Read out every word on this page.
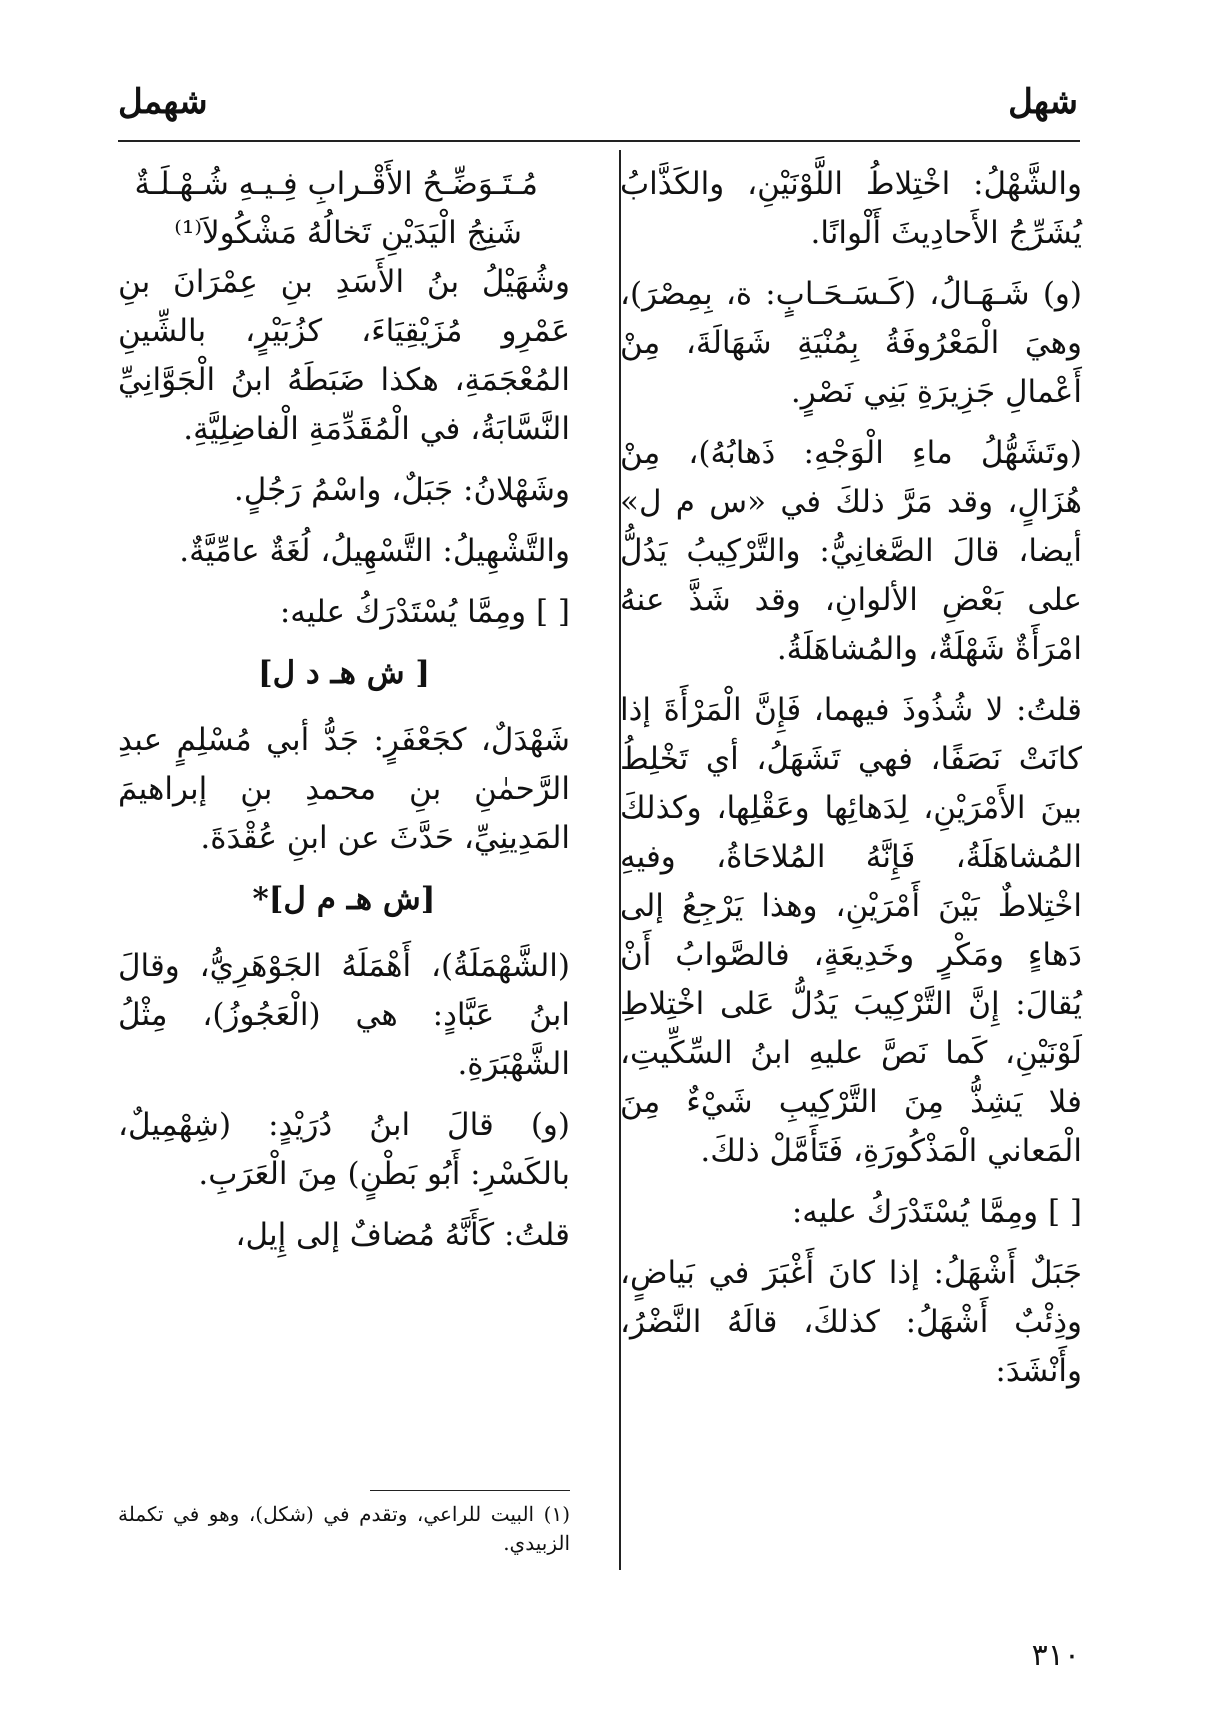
شهل
شهمل

والشَّهْلُ: اخْتِلاطُ اللَّوْنَيْنِ، والكَذَّابُ يُشَرِّجُ الأَحادِيثَ أَلْوانًا.

(و) شَـهَـالُ، (كَـسَـحَـابٍ: ة، بِمِصْرَ)، وهيَ الْمَعْرُوفَةُ بِمُنْيَةِ شَهَالَةَ، مِنْ أَعْمالِ جَزِيرَةِ بَنِي نَصْرٍ.

(وتَشَهُّلُ ماءِ الْوَجْهِ: ذَهابُهُ)، مِنْ هُزَالٍ، وقد مَرَّ ذلكَ في «س م ل» أيضا، قالَ الصَّغانِيُّ: والتَّرْكِيبُ يَدُلُّ على بَعْضِ الألوانِ، وقد شَذَّ عنهُ امْرَأَةٌ شَهْلَةٌ، والمُشاهَلَةُ.

قلتُ: لا شُذُوذَ فيهما، فَإِنَّ الْمَرْأَةَ إذا كانَتْ نَصَفًا، فهي تَشَهَلُ، أي تَخْلِطُ بينَ الأَمْرَيْنِ، لِدَهائِها وعَقْلِها، وكذلكَ المُشاهَلَةُ، فَإِنَّهُ المُلاحَاةُ، وفيهِ اخْتِلاطٌ بَيْنَ أَمْرَيْنِ، وهذا يَرْجِعُ إلى دَهاءٍ ومَكْرٍ وخَدِيعَةٍ، فالصَّوابُ أَنْ يُقالَ: إِنَّ التَّرْكِيبَ يَدُلُّ عَلى اخْتِلاطِ لَوْنَيْنِ، كَما نَصَّ عليهِ ابنُ السِّكِّيتِ، فلا يَشِذُّ مِنَ التَّرْكِيبِ شَيْءٌ مِنَ الْمَعاني الْمَذْكُورَةِ، فَتَأَمَّلْ ذلكَ.

[ ] ومِمَّا يُسْتَدْرَكُ عليه:

جَبَلٌ أَشْهَلُ: إذا كانَ أَغْبَرَ في بَياضٍ، وذِئْبٌ أَشْهَلُ: كذلكَ، قالَهُ النَّضْرُ، وأَنْشَدَ:

مُـتَـوَضِّـحُ الأَقْـرابِ فِـيـهِ شُـهْـلَـةٌ
شَنِجُ الْيَدَيْنِ تَخالُهُ مَشْكُولاَ⁽¹⁾

وشُهَيْلُ بنُ الأَسَدِ بنِ عِمْرَانَ بنِ عَمْرِو مُزَيْقِيَاءَ، كزُبَيْرٍ، بالشِّينِ المُعْجَمَةِ، هكذا ضَبَطَهُ ابنُ الْجَوَّانِيِّ النَّسَّابَةُ، في الْمُقَدِّمَةِ الْفاضِلِيَّةِ.

وشَهْلانُ: جَبَلٌ، واسْمُ رَجُلٍ.

والتَّشْهِيلُ: التَّسْهِيلُ، لُغَةٌ عامِّيَّةٌ.

[ ] ومِمَّا يُسْتَدْرَكُ عليه:

[ ش هـ د ل]

شَهْدَلٌ، كجَعْفَرٍ: جَدُّ أبي مُسْلِمٍ عبدِ الرَّحمٰنِ بنِ محمدِ بنِ إبراهيمَ المَدِينِيِّ، حَدَّثَ عن ابنِ عُقْدَةَ.

[ش هـ م ل]*

(الشَّهْمَلَةُ)، أَهْمَلَهُ الجَوْهَرِيُّ، وقالَ ابنُ عَبَّادٍ: هي (الْعَجُوزُ)، مِثْلُ الشَّهْبَرَةِ.

(و) قالَ ابنُ دُرَيْدٍ: (شِهْمِيلٌ، بالكَسْرِ: أَبُو بَطْنٍ) مِنَ الْعَرَبِ.

قلتُ: كَأَنَّهُ مُضافٌ إلى إِيل،

(١) البيت للراعي، وتقدم في (شكل)، وهو في تكملة الزبيدي.
٣١٠
